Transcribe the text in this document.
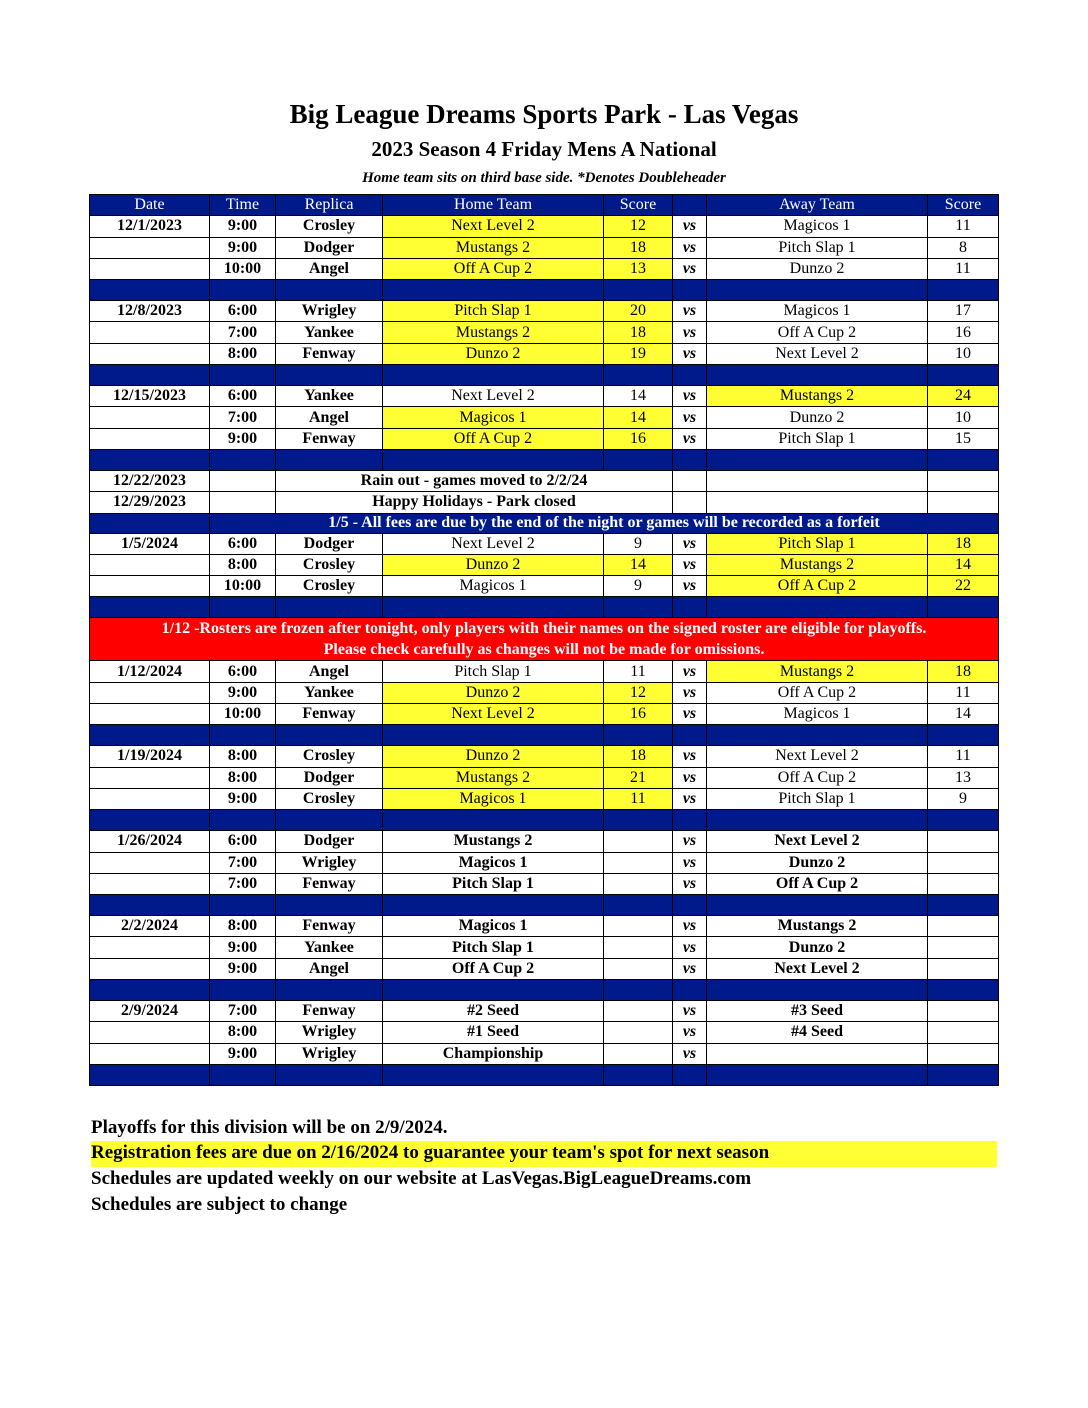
Big League Dreams Sports Park - Las Vegas
2023 Season 4 Friday Mens A National
Home team sits on third base side. *Denotes Doubleheader
Date	Time	Replica	Home Team	Score		Away Team	Score
12/1/2023	9:00	Crosley	Next Level 2	12	vs	Magicos 1	11
	9:00	Dodger	Mustangs 2	18	vs	Pitch Slap 1	8
	10:00	Angel	Off A Cup 2	13	vs	Dunzo 2	11

12/8/2023	6:00	Wrigley	Pitch Slap 1	20	vs	Magicos 1	17
	7:00	Yankee	Mustangs 2	18	vs	Off A Cup 2	16
	8:00	Fenway	Dunzo 2	19	vs	Next Level 2	10

12/15/2023	6:00	Yankee	Next Level 2	14	vs	Mustangs 2	24
	7:00	Angel	Magicos 1	14	vs	Dunzo 2	10
	9:00	Fenway	Off A Cup 2	16	vs	Pitch Slap 1	15

12/22/2023		Rain out - games moved to 2/2/24					
12/29/2023		Happy Holidays - Park closed					
	1/5 - All fees are due by the end of the night or games will be recorded as a forfeit						
1/5/2024	6:00	Dodger	Next Level 2	9	vs	Pitch Slap 1	18
	8:00	Crosley	Dunzo 2	14	vs	Mustangs 2	14
	10:00	Crosley	Magicos 1	9	vs	Off A Cup 2	22

1/12 -Rosters are frozen after tonight, only players with their names on the signed roster are eligible for playoffs.
Please check carefully as changes will not be made for omissions.							

1/12/2024	6:00	Angel	Pitch Slap 1	11	vs	Mustangs 2	18
	9:00	Yankee	Dunzo 2	12	vs	Off A Cup 2	11
	10:00	Fenway	Next Level 2	16	vs	Magicos 1	14

1/19/2024	8:00	Crosley	Dunzo 2	18	vs	Next Level 2	11
	8:00	Dodger	Mustangs 2	21	vs	Off A Cup 2	13
	9:00	Crosley	Magicos 1	11	vs	Pitch Slap 1	9

1/26/2024	6:00	Dodger	Mustangs 2		vs	Next Level 2	
	7:00	Wrigley	Magicos 1		vs	Dunzo 2	
	7:00	Fenway	Pitch Slap 1		vs	Off A Cup 2	

2/2/2024	8:00	Fenway	Magicos 1		vs	Mustangs 2	
	9:00	Yankee	Pitch Slap 1		vs	Dunzo 2	
	9:00	Angel	Off A Cup 2		vs	Next Level 2	

2/9/2024	7:00	Fenway	#2 Seed		vs	#3 Seed	
	8:00	Wrigley	#1 Seed		vs	#4 Seed	
	9:00	Wrigley	Championship		vs		

Playoffs for this division will be on 2/9/2024.
Registration fees are due on 2/16/2024 to guarantee your team's spot for next season
Schedules are updated weekly on our website at LasVegas.BigLeagueDreams.com
Schedules are subject to change
